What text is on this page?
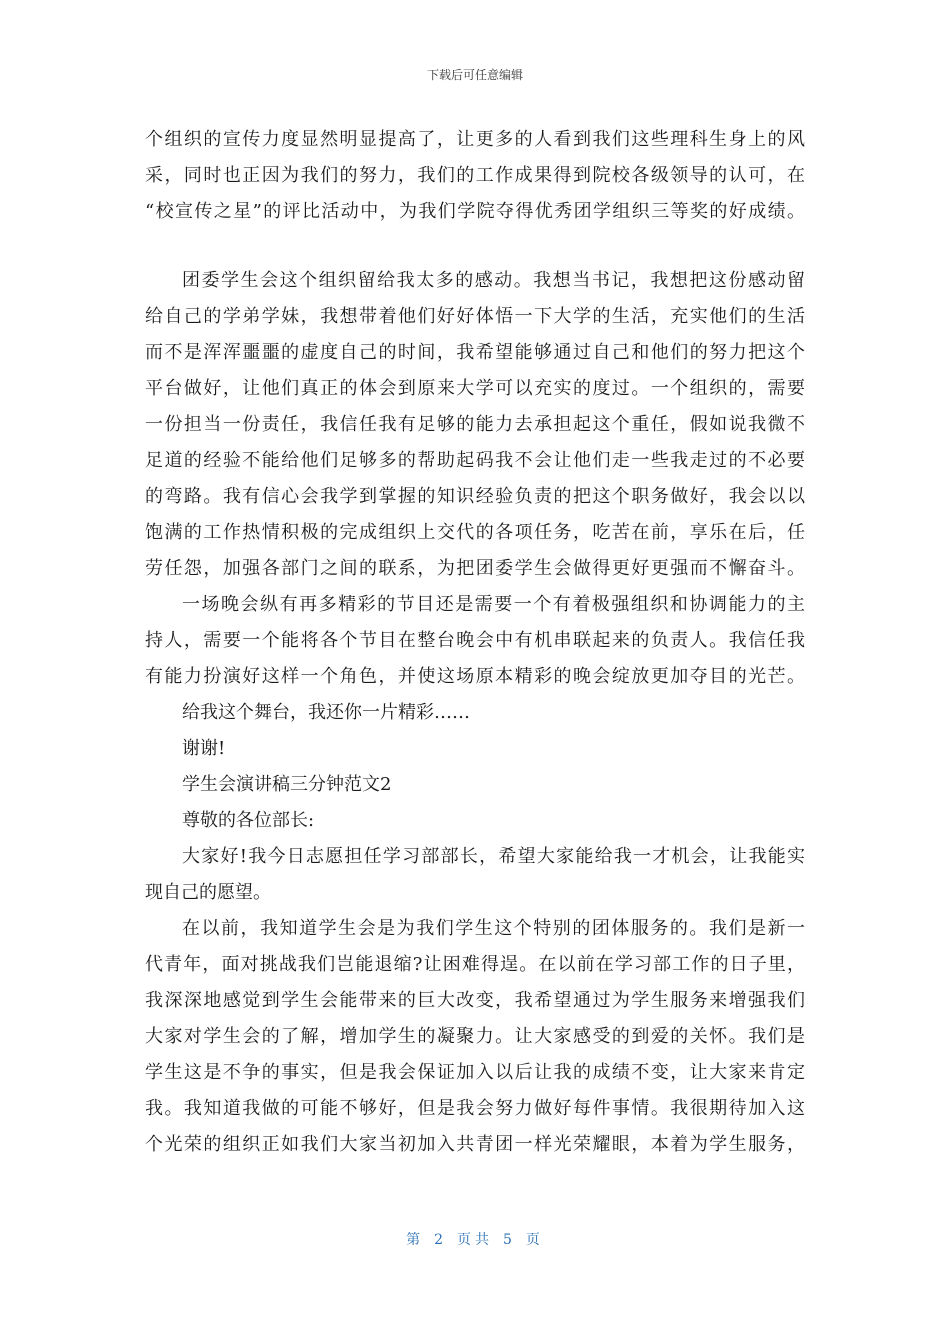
下载后可任意编辑
个组织的宣传力度显然明显提高了，让更多的人看到我们这些理科生身上的风
采，同时也正因为我们的努力，我们的工作成果得到院校各级领导的认可，在
“校宣传之星”的评比活动中，为我们学院夺得优秀团学组织三等奖的好成绩。
团委学生会这个组织留给我太多的感动。我想当书记，我想把这份感动留
给自己的学弟学妹，我想带着他们好好体悟一下大学的生活，充实他们的生活
而不是浑浑噩噩的虚度自己的时间，我希望能够通过自己和他们的努力把这个
平台做好，让他们真正的体会到原来大学可以充实的度过。一个组织的，需要
一份担当一份责任，我信任我有足够的能力去承担起这个重任，假如说我微不
足道的经验不能给他们足够多的帮助起码我不会让他们走一些我走过的不必要
的弯路。我有信心会我学到掌握的知识经验负责的把这个职务做好，我会以以
饱满的工作热情积极的完成组织上交代的各项任务，吃苦在前，享乐在后，任
劳任怨，加强各部门之间的联系，为把团委学生会做得更好更强而不懈奋斗。
一场晚会纵有再多精彩的节目还是需要一个有着极强组织和协调能力的主
持人，需要一个能将各个节目在整台晚会中有机串联起来的负责人。我信任我
有能力扮演好这样一个角色，并使这场原本精彩的晚会绽放更加夺目的光芒。
给我这个舞台，我还你一片精彩……
谢谢!
学生会演讲稿三分钟范文2
尊敬的各位部长:
大家好!我今日志愿担任学习部部长，希望大家能给我一才机会，让我能实
现自己的愿望。
在以前，我知道学生会是为我们学生这个特别的团体服务的。我们是新一
代青年，面对挑战我们岂能退缩?让困难得逞。在以前在学习部工作的日子里，
我深深地感觉到学生会能带来的巨大改变，我希望通过为学生服务来增强我们
大家对学生会的了解，增加学生的凝聚力。让大家感受的到爱的关怀。我们是
学生这是不争的事实，但是我会保证加入以后让我的成绩不变，让大家来肯定
我。我知道我做的可能不够好，但是我会努力做好每件事情。我很期待加入这
个光荣的组织正如我们大家当初加入共青团一样光荣耀眼，本着为学生服务，
第 2 页共 5 页
